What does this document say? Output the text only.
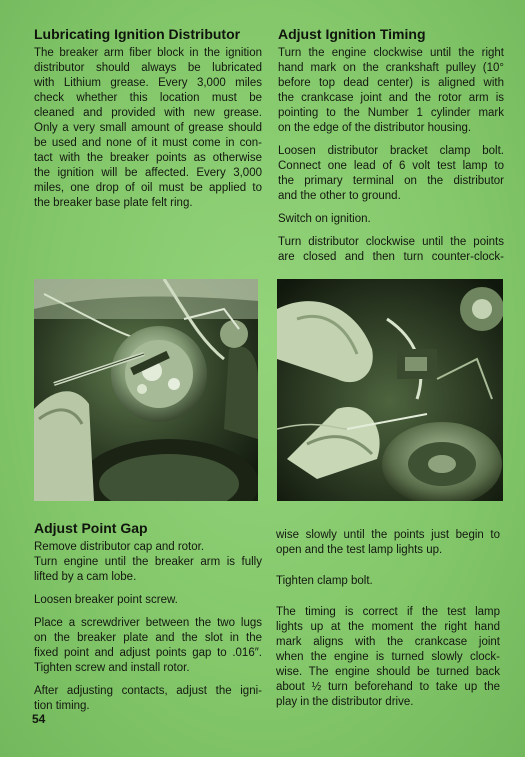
Lubricating Ignition Distributor

The breaker arm fiber block in the ignition
distributor should always be lubricated
with Lithium grease. Every 3,000 miles
check whether this location must be
cleaned and provided with new grease.
Only a very small amount of grease should
be used and none of it must come in con-
tact with the breaker points as otherwise
the ignition will be affected. Every 3,000
miles, one drop of oil must be applied to
the breaker base plate felt ring.

Adjust Ignition Timing

Turn the engine clockwise until the right
hand mark on the crankshaft pulley (10°
before top dead center) is aligned with
the crankcase joint and the rotor arm is
pointing to the Number 1 cylinder mark
on the edge of the distributor housing.

Loosen distributor bracket clamp bolt.
Connect one lead of 6 volt test lamp to
the primary terminal on the distributor
and the other to ground.

Switch on ignition.

Turn distributor clockwise until the points
are closed and then turn counter-clock-

Adjust Point Gap

Remove distributor cap and rotor.
Turn engine until the breaker arm is fully
lifted by a cam lobe.

Loosen breaker point screw.

Place a screwdriver between the two lugs
on the breaker plate and the slot in the
fixed point and adjust points gap to .016″.
Tighten screw and install rotor.

After adjusting contacts, adjust the igni-
tion timing.

wise slowly until the points just begin to
open and the test lamp lights up.

Tighten clamp bolt.

The timing is correct if the test lamp
lights up at the moment the right hand
mark aligns with the crankcase joint
when the engine is turned slowly clock-
wise. The engine should be turned back
about ½ turn beforehand to take up the
play in the distributor drive.

54
